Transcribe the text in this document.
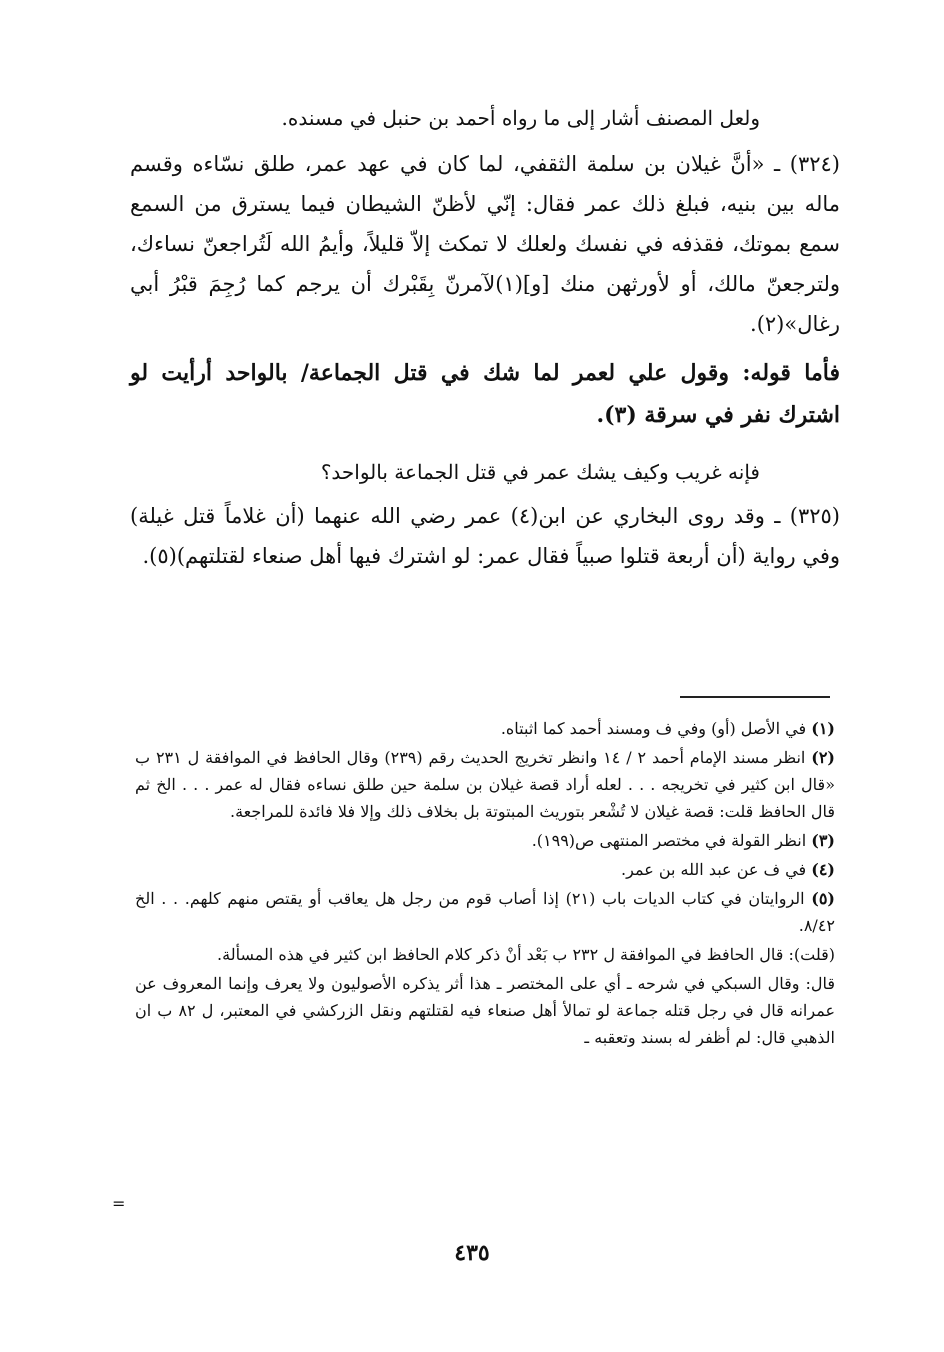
ولعل المصنف أشار إلى ما رواه أحمد بن حنبل في مسنده.

(٣٢٤) ـ «أنَّ غيلان بن سلمة الثقفي، لما كان في عهد عمر، طلق نسّاءه وقسم ماله بين بنيه، فبلغ ذلك عمر فقال: إنّي لأظنّ الشيطان فيما يسترق من السمع سمع بموتك، فقذفه في نفسك ولعلك لا تمكث إلاّ قليلاً، وأيمُ الله لَتُراجعنّ نساءك، ولترجعنّ مالك، أو لأورثهن منك [و](١)لآمرنّ بِقَبْرك أن يرجم كما رُجِمَ قبْرُ أبي رغال»(٢).

فأما قوله: وقول علي لعمر لما شك في قتل الجماعة/ بالواحد أرأيت لو اشترك نفر في سرقة (٣).

فإنه غريب وكيف يشك عمر في قتل الجماعة بالواحد؟

(٣٢٥) ـ وقد روى البخاري عن ابن(٤) عمر رضي الله عنهما (أن غلاماً قتل غيلة) وفي رواية (أن أربعة قتلوا صبياً فقال عمر: لو اشترك فيها أهل صنعاء لقتلتهم)(٥).

(١) في الأصل (أو) وفي ف ومسند أحمد كما اثبتاه.

(٢) انظر مسند الإمام أحمد ٢ / ١٤ وانظر تخريج الحديث رقم (٢٣٩) وقال الحافظ في الموافقة ل ٢٣١ ب «قال ابن كثير في تخريجه . . . لعله أراد قصة غيلان بن سلمة حين طلق نساءه فقال له عمر . . . الخ ثم قال الحافظ قلت: قصة غيلان لا تُشْعر بتوريث المبتوتة بل بخلاف ذلك وإلا فلا فائدة للمراجعة.

(٣) انظر القولة في مختصر المنتهى ص(١٩٩).

(٤) في ف عن عبد الله بن عمر.

(٥) الروايتان في كتاب الديات باب (٢١) إذا أصاب قوم من رجل هل يعاقب أو يقتص منهم كلهم. . . الخ ٨/٤٢.

(قلت): قال الحافظ في الموافقة ل ٢٣٢ ب بَعْد أنْ ذكر كلام الحافظ ابن كثير في هذه المسألة.

قال: وقال السبكي في شرحه ـ أي على المختصر ـ هذا أثر يذكره الأصوليون ولا يعرف وإنما المعروف عن عمرانه قال في رجل قتله جماعة لو تمالأ أهل صنعاء فيه لقتلتهم ونقل الزركشي في المعتبر، ل ٨٢ ب ان الذهبي قال: لم أظفر له بسند وتعقبه ـ

=
٤٣٥
